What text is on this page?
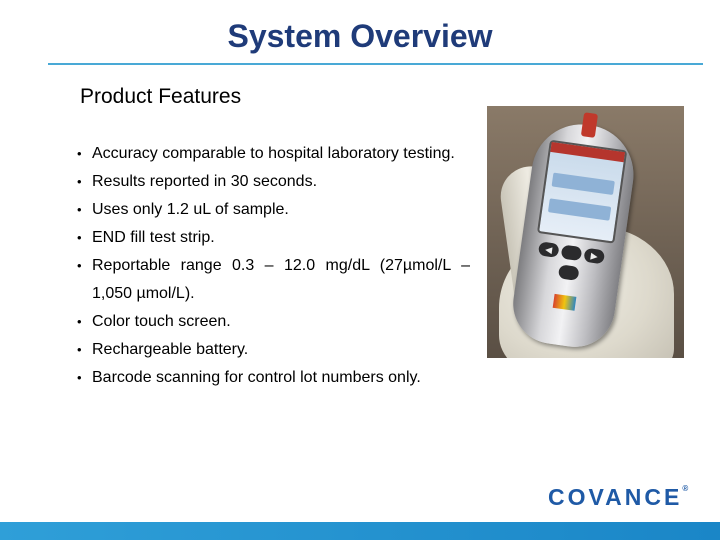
System Overview
Product Features
• Accuracy comparable to hospital laboratory testing.
• Results reported in 30 seconds.
• Uses only 1.2 uL of sample.
• END fill test strip.
• Reportable range 0.3 – 12.0 mg/dL (27µmol/L – 1,050 µmol/L).
• Color touch screen.
• Rechargeable battery.
• Barcode scanning for control lot numbers only.
◀
▶
COVANCE®
